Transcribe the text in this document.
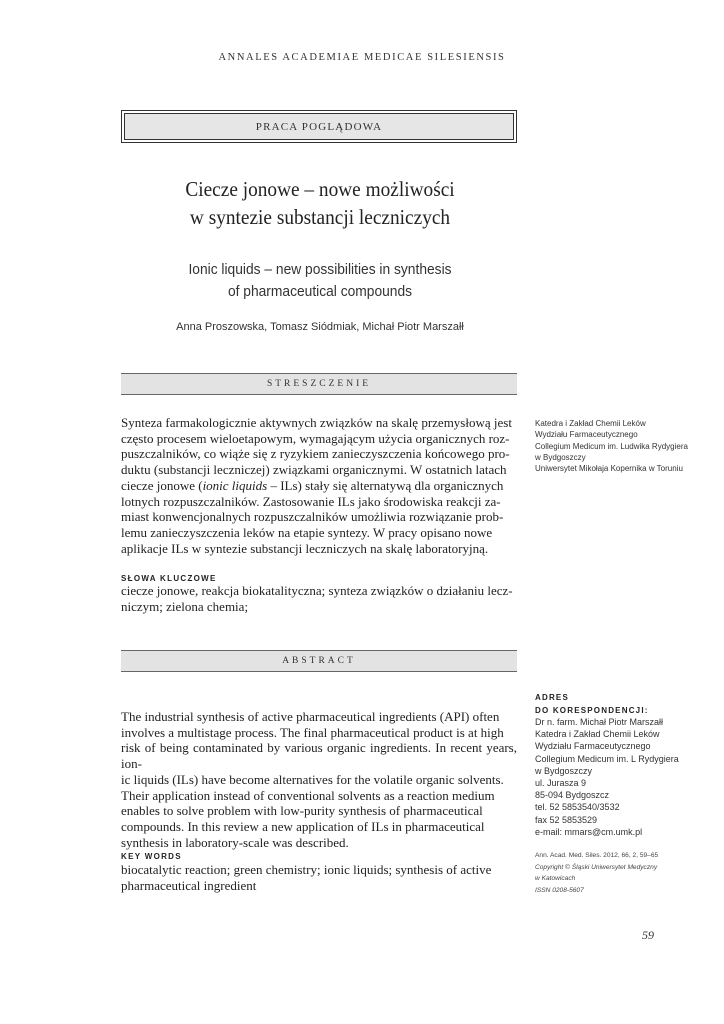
ANNALES ACADEMIAE MEDICAE SILESIENSIS
PRACA POGLĄDOWA
Ciecze jonowe – nowe możliwości
w syntezie substancji leczniczych
Ionic liquids – new possibilities in synthesis
of pharmaceutical compounds
Anna Proszowska, Tomasz Siódmiak, Michał Piotr Marszałł
STRESZCZENIE
Synteza farmakologicznie aktywnych związków na skalę przemysłową jest
często procesem wieloetapowym, wymagającym użycia organicznych roz-
puszczalników, co wiąże się z ryzykiem zanieczyszczenia końcowego pro-
duktu (substancji leczniczej) związkami organicznymi. W ostatnich latach
ciecze jonowe (ionic liquids – ILs) stały się alternatywą dla organicznych
lotnych rozpuszczalników. Zastosowanie ILs jako środowiska reakcji za-
miast konwencjonalnych rozpuszczalników umożliwia rozwiązanie prob-
lemu zanieczyszczenia leków na etapie syntezy. W pracy opisano nowe
aplikacje ILs w syntezie substancji leczniczych na skalę laboratoryjną.
SŁOWA KLUCZOWE
ciecze jonowe, reakcja biokatalityczna; synteza związków o działaniu lecz-
niczym; zielona chemia;
ABSTRACT
The industrial synthesis of active pharmaceutical ingredients (API) often
involves a multistage process. The final pharmaceutical product is at high
risk of being contaminated by various organic ingredients. In recent years, ion-
ic liquids (ILs) have become alternatives for the volatile organic solvents.
Their application instead of conventional solvents as a reaction medium
enables to solve problem with low-purity synthesis of pharmaceutical
compounds. In this review a new application of ILs in pharmaceutical
synthesis in laboratory-scale was described.
KEY WORDS
biocatalytic reaction; green chemistry; ionic liquids; synthesis of active
pharmaceutical ingredient
Katedra i Zakład Chemii Leków
Wydziału Farmaceutycznego
Collegium Medicum im. Ludwika Rydygiera
w Bydgoszczy
Uniwersytet Mikołaja Kopernika w Toruniu
ADRES
DO KORESPONDENCJI:
Dr n. farm. Michał Piotr Marszałł
Katedra i Zakład Chemii Leków
Wydziału Farmaceutycznego
Collegium Medicum im. L Rydygiera
w Bydgoszczy
ul. Jurasza 9
85-094 Bydgoszcz
tel. 52 5853540/3532
fax 52 5853529
e-mail: mmars@cm.umk.pl
Ann. Acad. Med. Siles. 2012, 66, 2, 59–65
Copyright © Śląski Uniwersytet Medyczny
w Katowicach
ISSN 0208-5607
59
